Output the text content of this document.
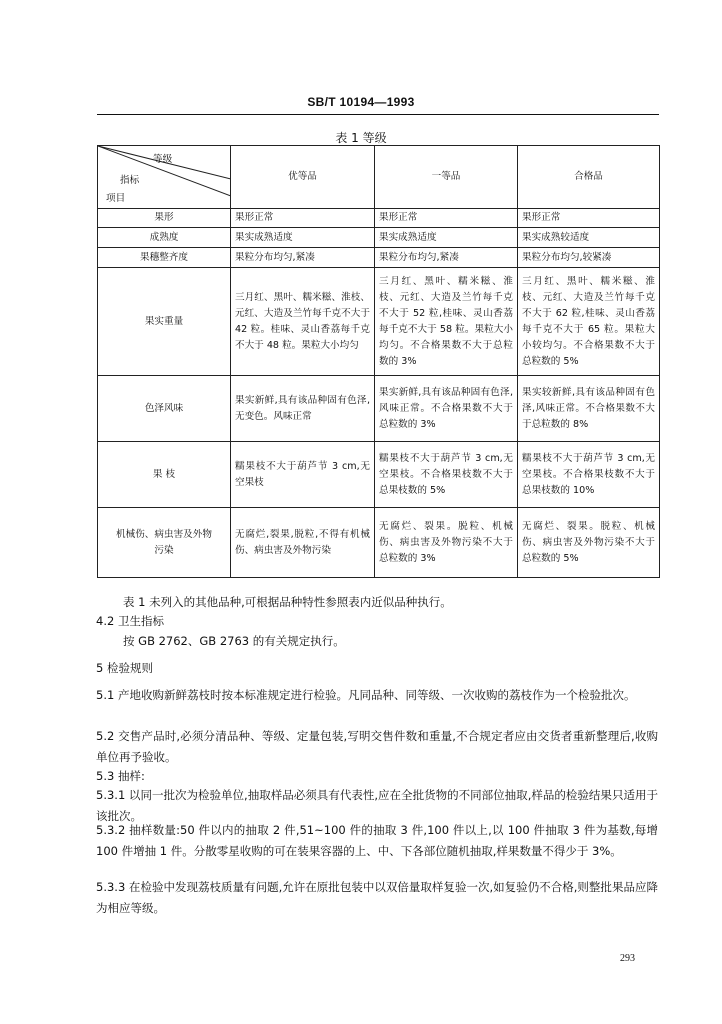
SB/T 10194—1993
表 1 等级
等级
指标
项目	优等品	一等品	合格品
果形	果形正常	果形正常	果形正常
成熟度	果实成熟适度	果实成熟适度	果实成熟较适度
果穗整齐度	果粒分布均匀,紧凑	果粒分布均匀,紧凑	果粒分布均匀,较紧凑
果实重量	三月红、黑叶、糯米糍、淮枝、元红、大造及兰竹每千克不大于 42 粒。桂味、灵山香荔每千克不大于 48 粒。果粒大小均匀	三月红、黑叶、糯米糍、淮枝、元红、大造及兰竹每千克不大于 52 粒,桂味、灵山香荔每千克不大于 58 粒。果粒大小均匀。不合格果数不大于总粒数的 3%	三月红、黑叶、糯米糍、淮枝、元红、大造及兰竹每千克不大于 62 粒,桂味、灵山香荔每千克不大于 65 粒。果粒大小较均匀。不合格果数不大于总粒数的 5%
色泽风味	果实新鲜,具有该品种固有色泽,无变色。风味正常	果实新鲜,具有该品种固有色泽,风味正常。不合格果数不大于总粒数的 3%	果实较新鲜,具有该品种固有色泽,风味正常。不合格果数不大于总粒数的 8%
果 枝	糯果枝不大于葫芦节 3 cm,无空果枝	糯果枝不大于葫芦节 3 cm,无空果枝。不合格果枝数不大于总果枝数的 5%	糯果枝不大于葫芦节 3 cm,无空果枝。不合格果枝数不大于总果枝数的 10%
机械伤、病虫害及外物污染	无腐烂,裂果,脱粒,不得有机械伤、病虫害及外物污染	无腐烂、裂果。脱粒、机械伤、病虫害及外物污染不大于总粒数的 3%	无腐烂、裂果。脱粒、机械伤、病虫害及外物污染不大于总粒数的 5%
表 1 未列入的其他品种,可根据品种特性参照表内近似品种执行。
4.2 卫生指标
按 GB 2762、GB 2763 的有关规定执行。
5 检验规则
5.1 产地收购新鲜荔枝时按本标准规定进行检验。凡同品种、同等级、一次收购的荔枝作为一个检验批次。
5.2 交售产品时,必须分清品种、等级、定量包装,写明交售件数和重量,不合规定者应由交货者重新整理后,收购单位再予验收。
5.3 抽样:
5.3.1 以同一批次为检验单位,抽取样品必须具有代表性,应在全批货物的不同部位抽取,样品的检验结果只适用于该批次。
5.3.2 抽样数量:50 件以内的抽取 2 件,51~100 件的抽取 3 件,100 件以上,以 100 件抽取 3 件为基数,每增 100 件增抽 1 件。分散零星收购的可在装果容器的上、中、下各部位随机抽取,样果数量不得少于 3%。
5.3.3 在检验中发现荔枝质量有问题,允许在原批包装中以双倍量取样复验一次,如复验仍不合格,则整批果品应降为相应等级。
293
